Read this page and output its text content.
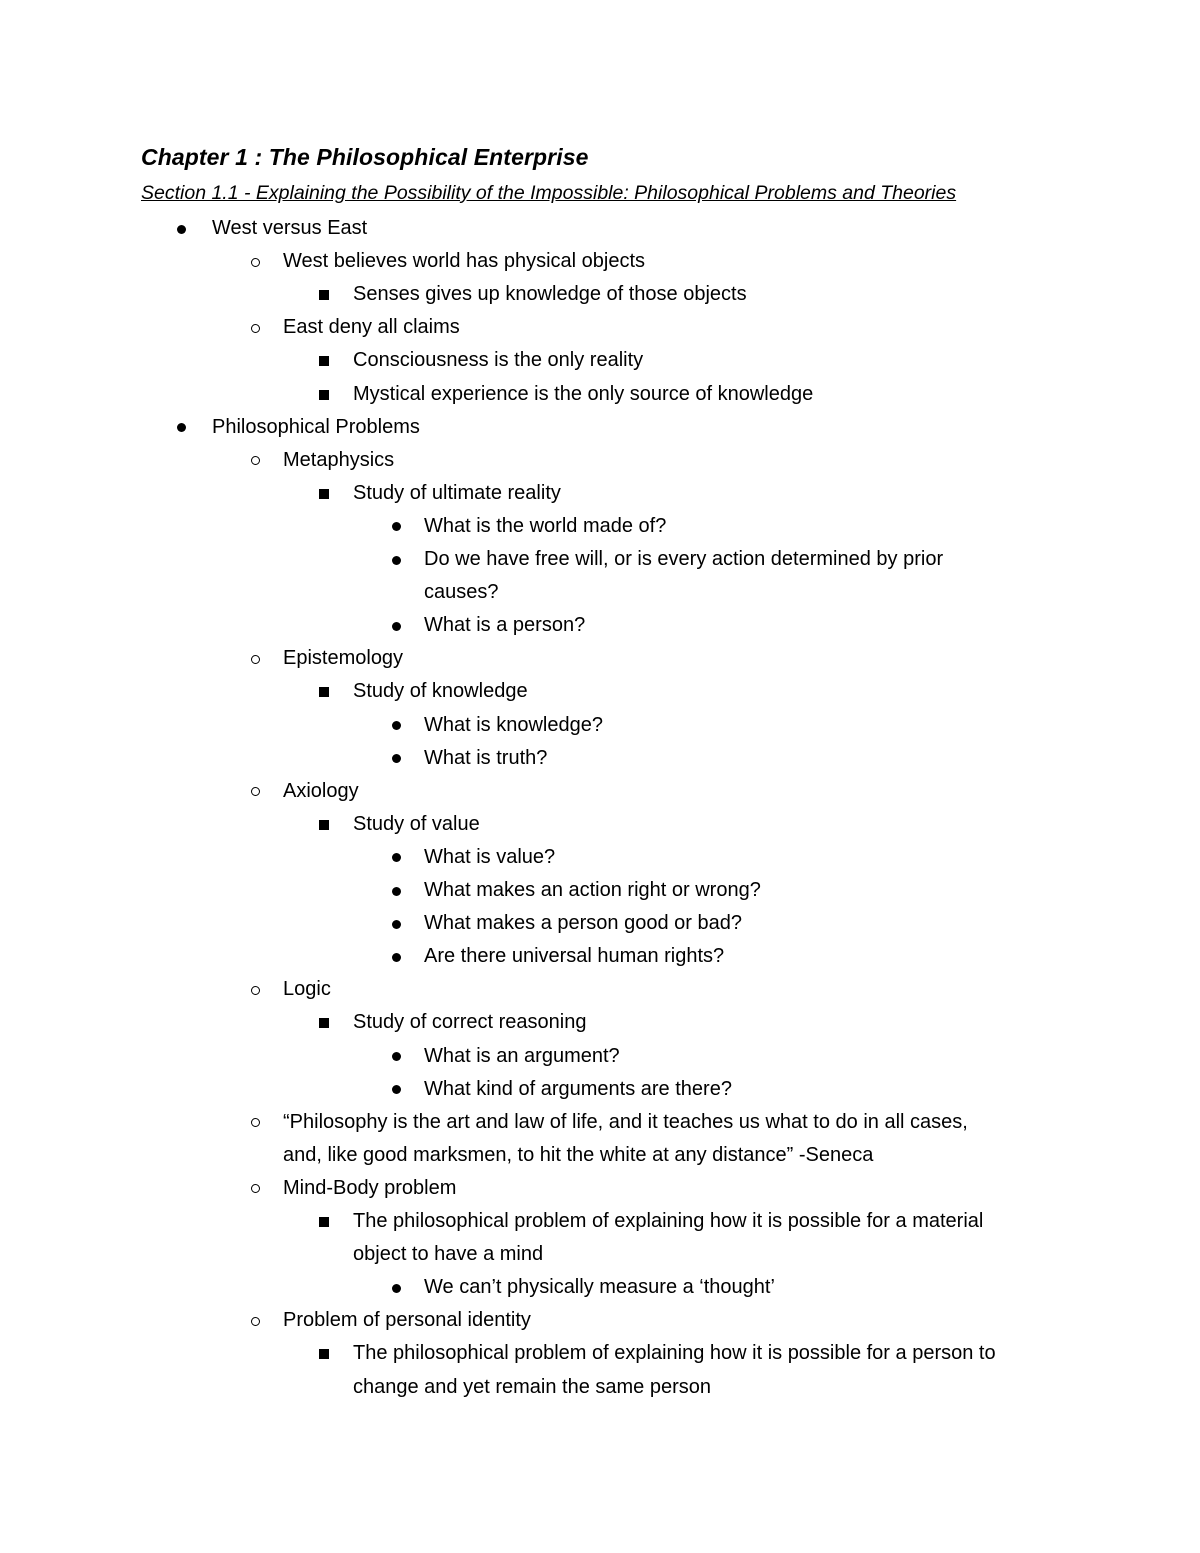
Chapter 1 : The Philosophical Enterprise
Section 1.1 - Explaining the Possibility of the Impossible: Philosophical Problems and Theories
West versus East
West believes world has physical objects
Senses gives up knowledge of those objects
East deny all claims
Consciousness is the only reality
Mystical experience is the only source of knowledge
Philosophical Problems
Metaphysics
Study of ultimate reality
What is the world made of?
Do we have free will, or is every action determined by prior
causes?
What is a person?
Epistemology
Study of knowledge
What is knowledge?
What is truth?
Axiology
Study of value
What is value?
What makes an action right or wrong?
What makes a person good or bad?
Are there universal human rights?
Logic
Study of correct reasoning
What is an argument?
What kind of arguments are there?
“Philosophy is the art and law of life, and it teaches us what to do in all cases,
and, like good marksmen, to hit the white at any distance” -Seneca
Mind-Body problem
The philosophical problem of explaining how it is possible for a material
object to have a mind
We can’t physically measure a ‘thought’
Problem of personal identity
The philosophical problem of explaining how it is possible for a person to
change and yet remain the same person
